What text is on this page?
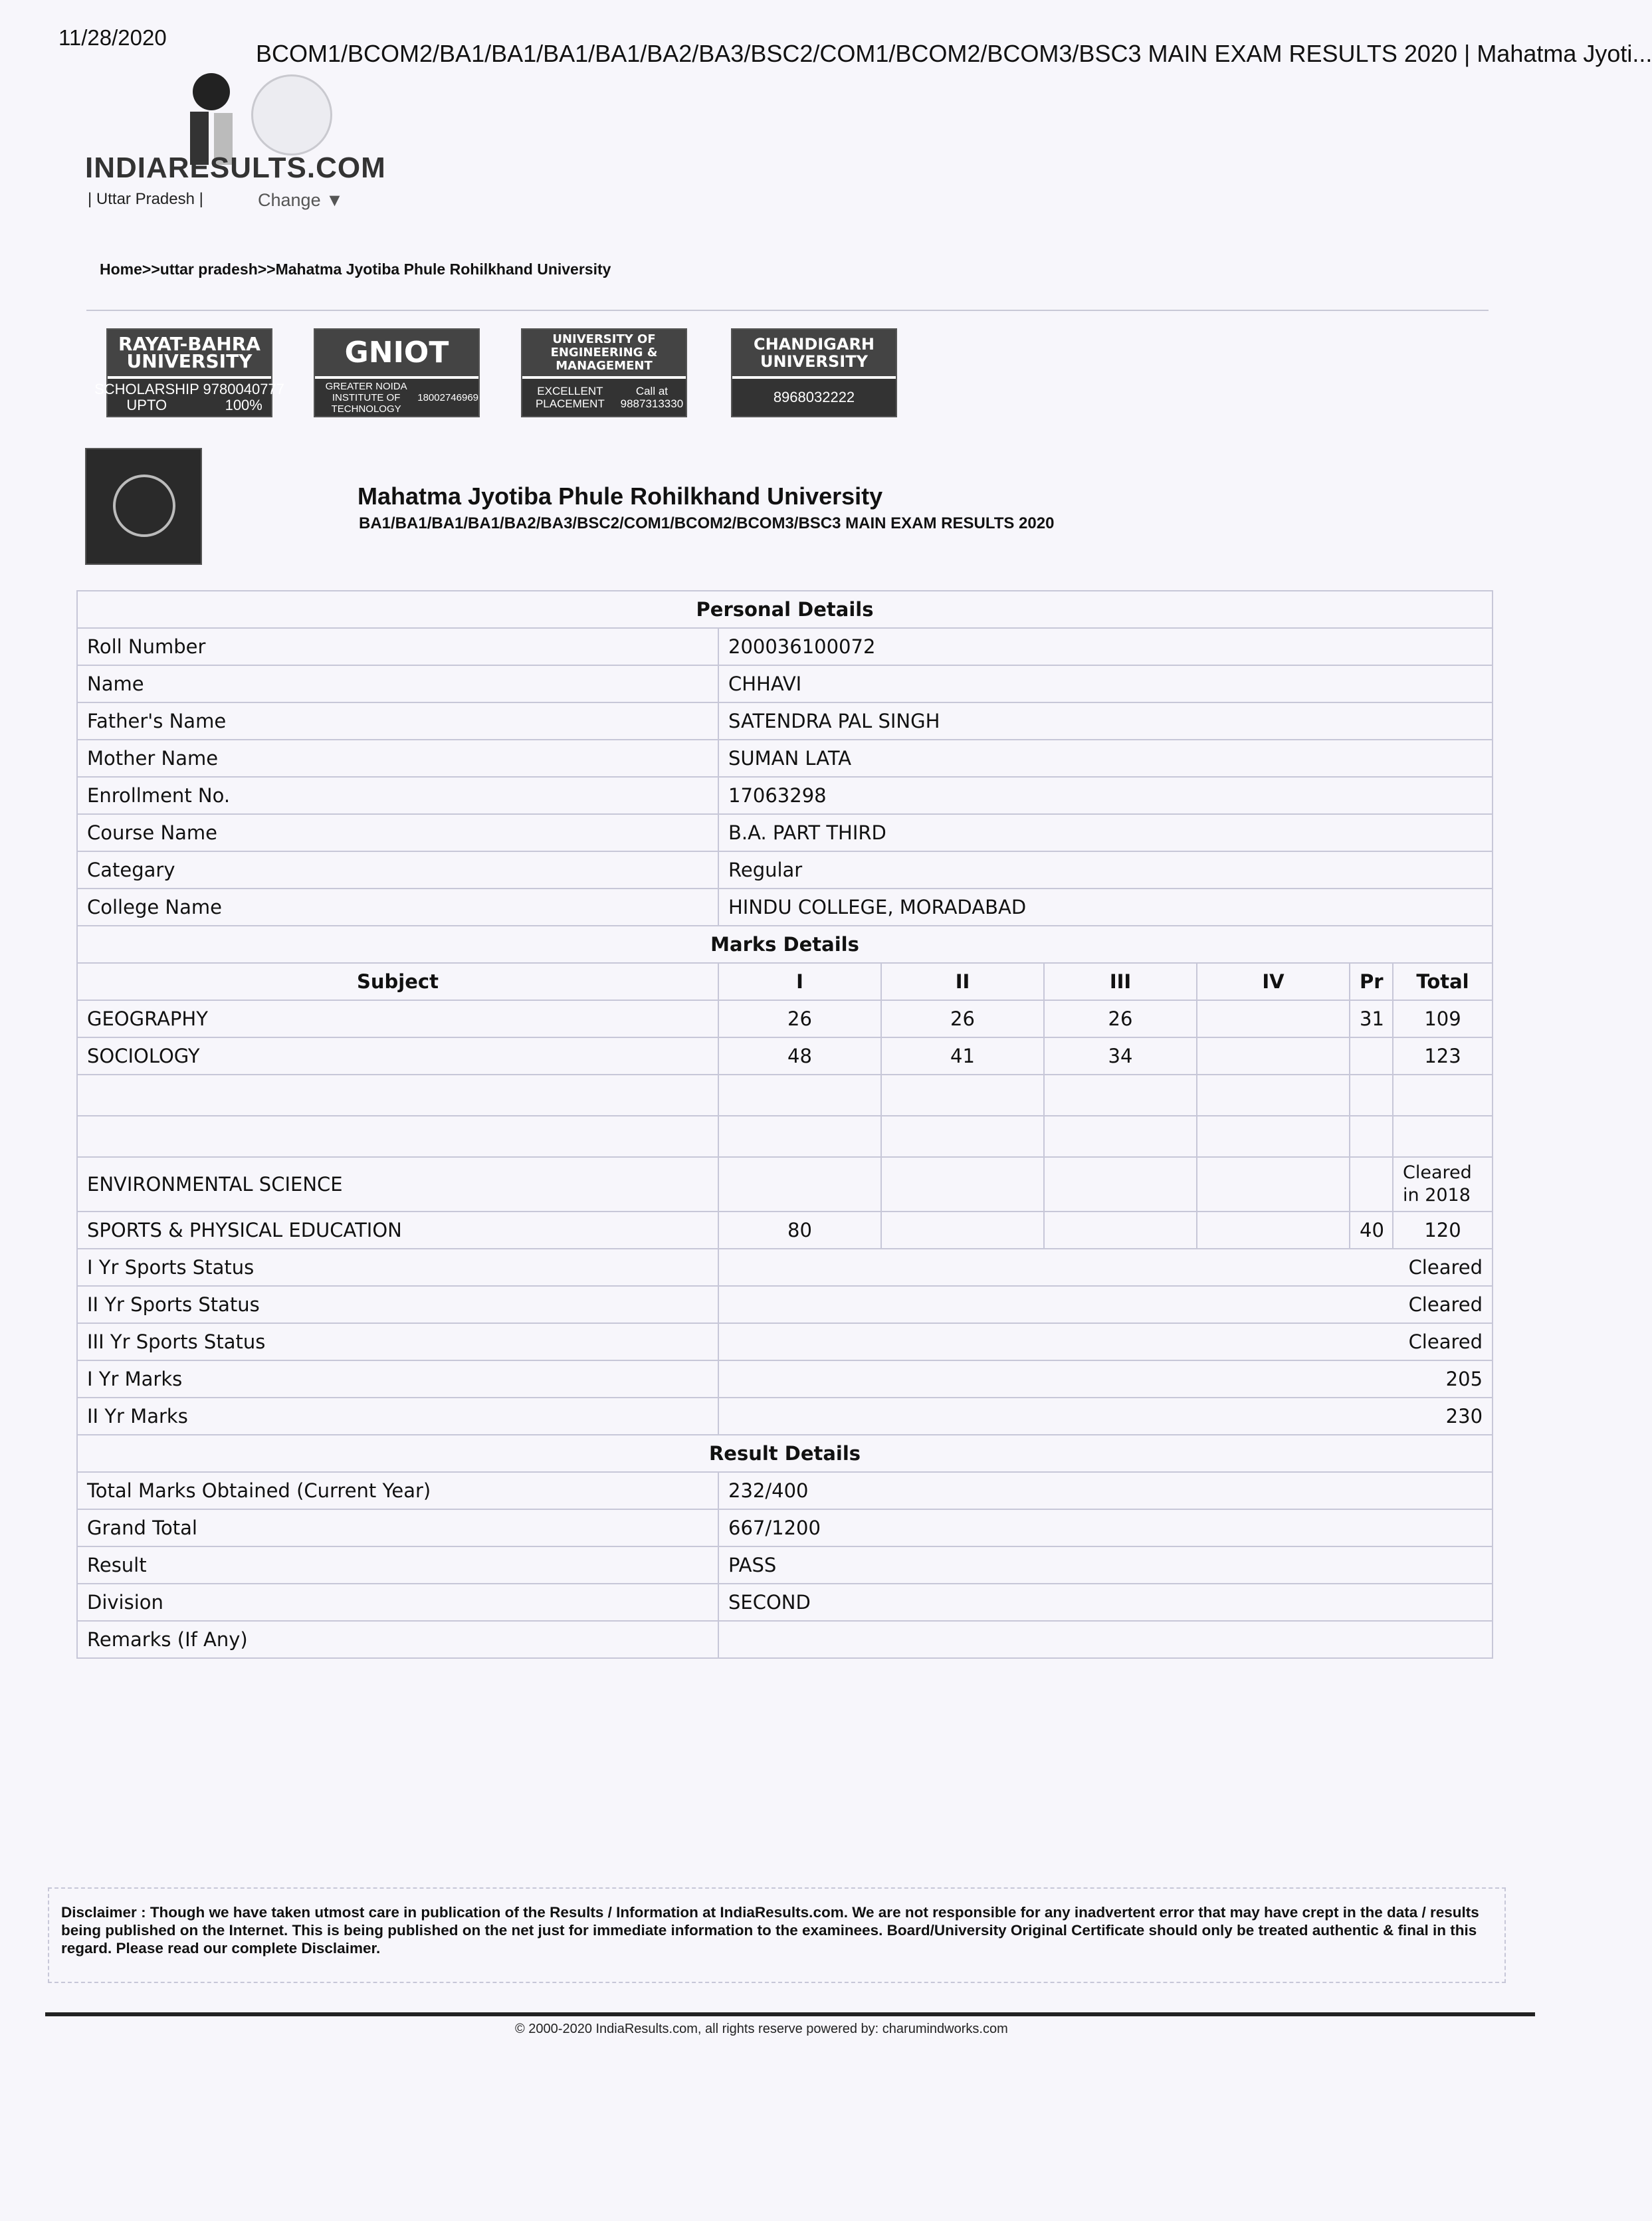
11/28/2020
BCOM1/BCOM2/BA1/BA1/BA1/BA1/BA2/BA3/BSC2/COM1/BCOM2/BCOM3/BSC3 MAIN EXAM RESULTS 2020 | Mahatma Jyoti...
INDIARESULTS.COM
| Uttar Pradesh |	Change ▼
Home>>uttar pradesh>>Mahatma Jyotiba Phule Rohilkhand University
RAYAT-BAHRA UNIVERSITY
SCHOLARSHIP UPTO

9780040777 100%
GNIOT
GREATER NOIDA INSTITUTE OF TECHNOLOGY

18002746969
UNIVERSITY OF ENGINEERING & MANAGEMENT
EXCELLENT PLACEMENT

Call at 9887313330
CHANDIGARH UNIVERSITY
8968032222
Mahatma Jyotiba Phule Rohilkhand University
BA1/BA1/BA1/BA1/BA2/BA3/BSC2/COM1/BCOM2/BCOM3/BSC3 MAIN EXAM RESULTS 2020
Personal Details						
Roll Number	200036100072					
Name	CHHAVI					
Father's Name	SATENDRA PAL SINGH					
Mother Name	SUMAN LATA					
Enrollment No.	17063298					
Course Name	B.A. PART THIRD					
Categary	Regular					
College Name	HINDU COLLEGE, MORADABAD					
Marks Details						
Subject	I	II	III	IV	Pr	Total
GEOGRAPHY	26	26	26		31	109
SOCIOLOGY	48	41	34			123

ENVIRONMENTAL SCIENCE						Cleared in 2018
SPORTS & PHYSICAL EDUCATION	80				40	120
I Yr Sports Status	Cleared					
II Yr Sports Status	Cleared					
III Yr Sports Status	Cleared					
I Yr Marks	205					
II Yr Marks	230					
Result Details						
Total Marks Obtained (Current Year)	232/400					
Grand Total	667/1200					
Result	PASS					
Division	SECOND					
Remarks (If Any)						
Disclaimer : Though we have taken utmost care in publication of the Results / Information at IndiaResults.com. We are not responsible for any inadvertent error that may have crept in the data / results being published on the Internet. This is being published on the net just for immediate information to the examinees. Board/University Original Certificate should only be treated authentic & final in this regard. Please read our complete Disclaimer.
© 2000-2020 IndiaResults.com, all rights reserve powered by: charumindworks.com
